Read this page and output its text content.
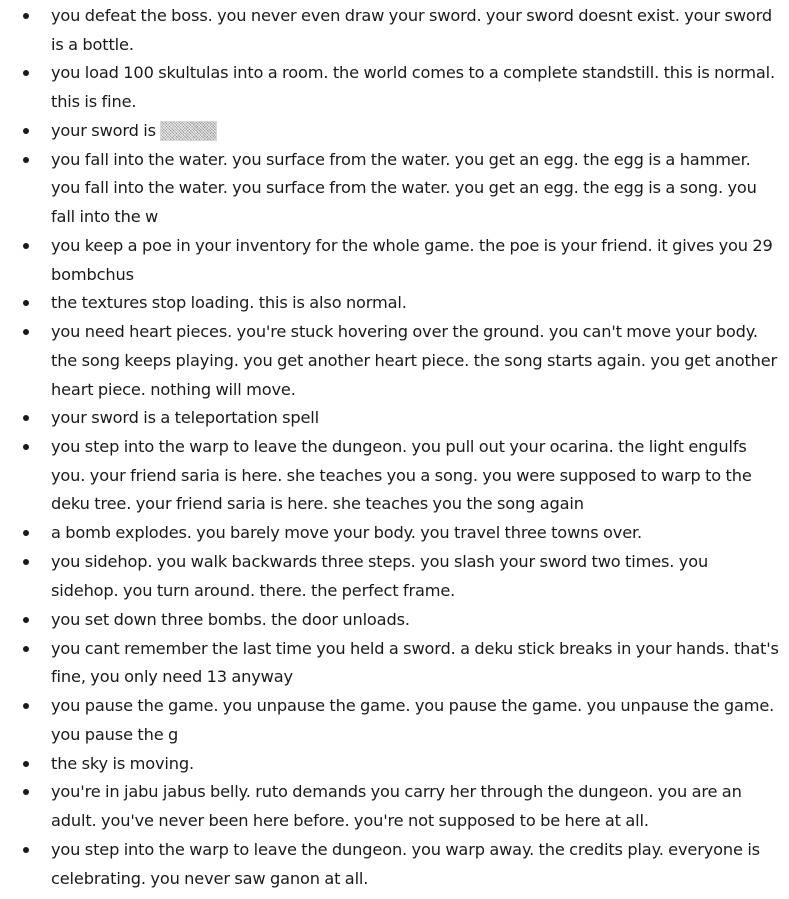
you defeat the boss. you never even draw your sword. your sword doesnt exist. your sword is a bottle.
you load 100 skultulas into a room. the world comes to a complete standstill. this is normal. this is fine.
your sword is
you fall into the water. you surface from the water. you get an egg. the egg is a hammer. you fall into the water. you surface from the water. you get an egg. the egg is a song. you fall into the w
you keep a poe in your inventory for the whole game. the poe is your friend. it gives you 29 bombchus
the textures stop loading. this is also normal.
you need heart pieces. you're stuck hovering over the ground. you can't move your body. the song keeps playing. you get another heart piece. the song starts again. you get another heart piece. nothing will move.
your sword is a teleportation spell
you step into the warp to leave the dungeon. you pull out your ocarina. the light engulfs you. your friend saria is here. she teaches you a song. you were supposed to warp to the deku tree. your friend saria is here. she teaches you the song again
a bomb explodes. you barely move your body. you travel three towns over.
you sidehop. you walk backwards three steps. you slash your sword two times. you sidehop. you turn around. there. the perfect frame.
you set down three bombs. the door unloads.
you cant remember the last time you held a sword. a deku stick breaks in your hands. that's fine, you only need 13 anyway
you pause the game. you unpause the game. you pause the game. you unpause the game. you pause the g
the sky is moving.
you're in jabu jabus belly. ruto demands you carry her through the dungeon. you are an adult. you've never been here before. you're not supposed to be here at all.
you step into the warp to leave the dungeon. you warp away. the credits play. everyone is celebrating. you never saw ganon at all.
